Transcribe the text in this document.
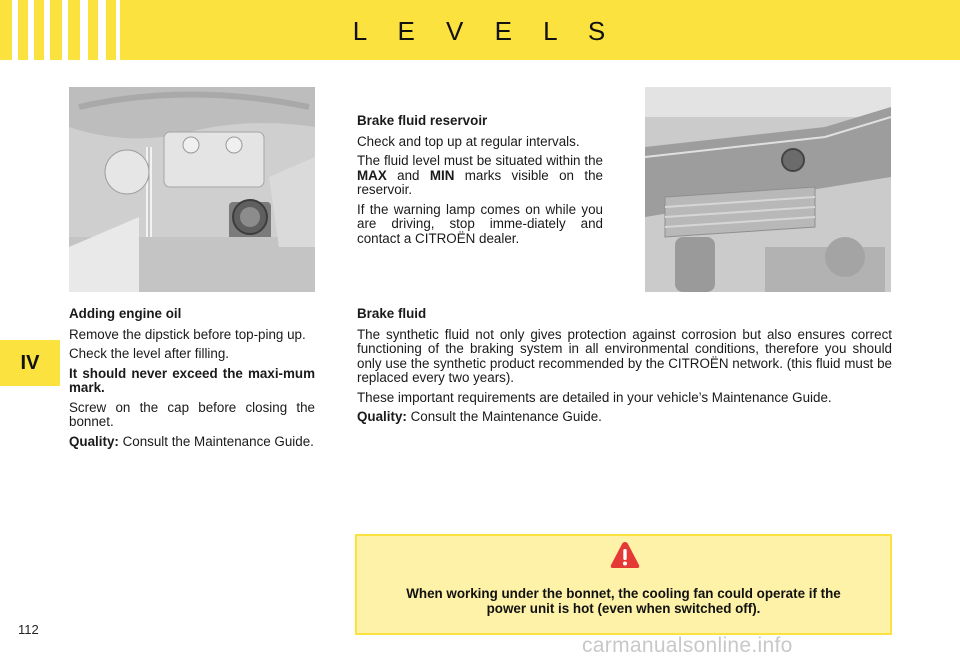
L E V E L S
IV
Brake fluid reservoir

Check and top up at regular intervals.

The fluid level must be situated within the MAX and MIN marks visible on the reservoir.

If the warning lamp comes on while you are driving, stop imme-diately and contact a CITROËN dealer.

Adding engine oil

Remove the dipstick before top-ping up.

Check the level after filling.

It should never exceed the maxi-mum mark.

Screw on the cap before closing the bonnet.

Quality: Consult the Maintenance Guide.

Brake fluid

The synthetic fluid not only gives protection against corrosion but also ensures correct functioning of the braking system in all environmental conditions, therefore you should only use the synthetic product recommended by the CITROËN network. (this fluid must be replaced every two years).

These important requirements are detailed in your vehicle’s Maintenance Guide.

Quality: Consult the Maintenance Guide.

When working under the bonnet, the cooling fan could operate if the power unit is hot (even when switched off).
112
carmanualsonline.info
